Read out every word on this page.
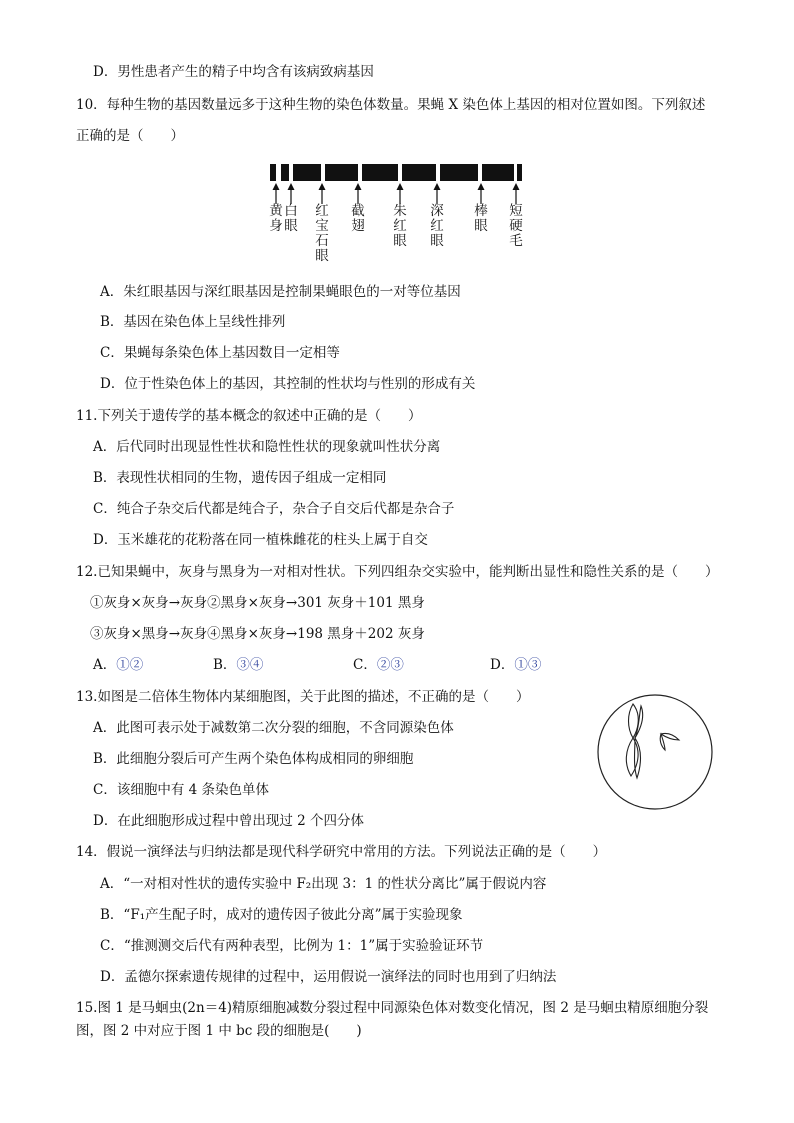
D．男性患者产生的精子中均含有该病致病基因
10．每种生物的基因数量远多于这种生物的染色体数量。果蝇 X 染色体上基因的相对位置如图。下列叙述
正确的是（　　）
黄身
白眼
红宝石眼
截翅
朱红眼
深红眼
棒眼
短硬毛
A．朱红眼基因与深红眼基因是控制果蝇眼色的一对等位基因
B．基因在染色体上呈线性排列
C．果蝇每条染色体上基因数目一定相等
D．位于性染色体上的基因，其控制的性状均与性别的形成有关
11.下列关于遗传学的基本概念的叙述中正确的是（　　）
A．后代同时出现显性性状和隐性性状的现象就叫性状分离
B．表现性状相同的生物，遗传因子组成一定相同
C．纯合子杂交后代都是纯合子，杂合子自交后代都是杂合子
D．玉米雄花的花粉落在同一植株雌花的柱头上属于自交
12.已知果蝇中，灰身与黑身为一对相对性状。下列四组杂交实验中，能判断出显性和隐性关系的是（　　）
①灰身×灰身→灰身②黑身×灰身→301 灰身＋101 黑身
③灰身×黑身→灰身④黑身×灰身→198 黑身＋202 灰身
A．①②	B．③④	C．②③	D．①③
13.如图是二倍体生物体内某细胞图，关于此图的描述，不正确的是（　　）
A．此图可表示处于减数第二次分裂的细胞，不含同源染色体
B．此细胞分裂后可产生两个染色体构成相同的卵细胞
C．该细胞中有 4 条染色单体
D．在此细胞形成过程中曾出现过 2 个四分体
14．假说一演绎法与归纳法都是现代科学研究中常用的方法。下列说法正确的是（　　）
A．“一对相对性状的遗传实验中 F₂出现 3：1 的性状分离比”属于假说内容
B．“F₁产生配子时，成对的遗传因子彼此分离”属于实验现象
C．“推测测交后代有两种表型，比例为 1：1”属于实验验证环节
D．孟德尔探索遗传规律的过程中，运用假说一演绎法的同时也用到了归纳法
15.图 1 是马蛔虫(2n＝4)精原细胞减数分裂过程中同源染色体对数变化情况，图 2 是马蛔虫精原细胞分裂
图，图 2 中对应于图 1 中 bc 段的细胞是(　　)
